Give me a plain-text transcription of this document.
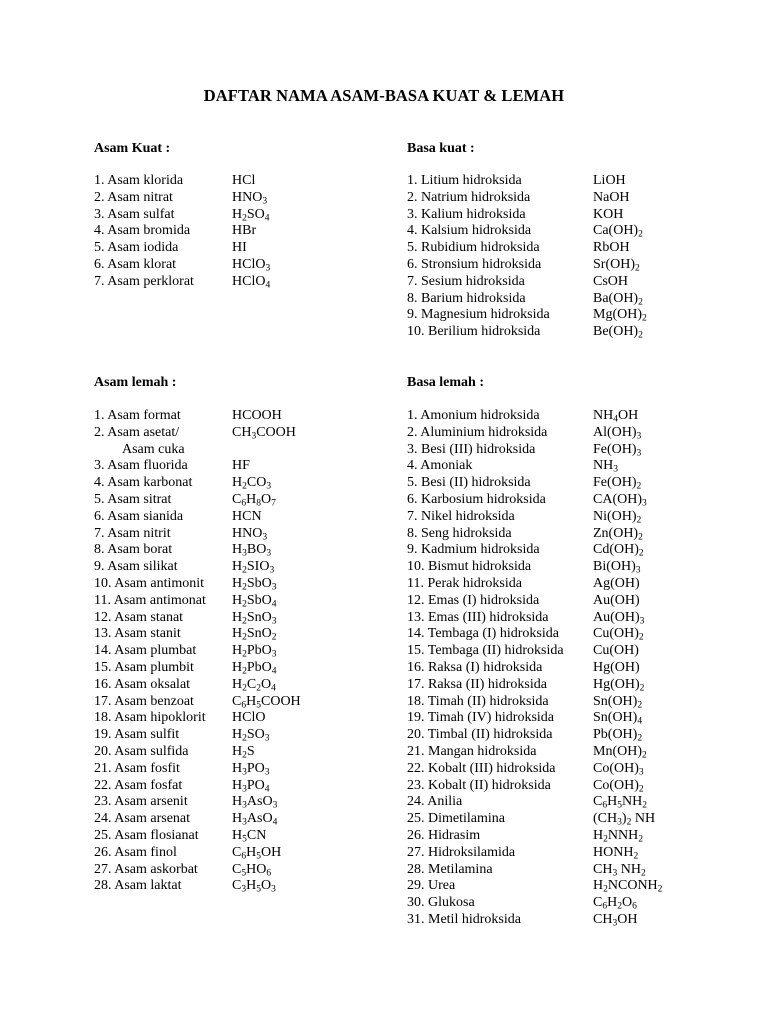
DAFTAR NAMA ASAM-BASA KUAT & LEMAH
Asam Kuat :
1. Asam klorida	HCl
2. Asam nitrat	$HNO_3$
3. Asam sulfat	$H_2SO_4$
4. Asam bromida	HBr
5. Asam iodida	HI
6. Asam klorat	HClO$_3$
7. Asam perklorat	HClO$_4$
Basa kuat :
1. Litium hidroksida	LiOH
2. Natrium hidroksida	NaOH
3. Kalium hidroksida	KOH
4. Kalsium hidroksida	$Ca(OH)_2$
5. Rubidium hidroksida	RbOH
6. Stronsium hidroksida	$Sr(OH)_2$
7. Sesium hidroksida	CsOH
8. Barium hidroksida	$Ba(OH)_2$
9. Magnesium hidroksida	$Mg(OH)_2$
10. Berilium hidroksida	$Be(OH)_2$
Asam lemah :
1. Asam format	HCOOH
2. Asam asetat/	$CH_3COOH$
Asam cuka
3. Asam fluorida	HF
4. Asam karbonat	$H_2CO_3$
5. Asam sitrat	$C_6H_8O_7$
6. Asam sianida	HCN
7. Asam nitrit	$HNO_3$
8. Asam borat	$H_3BO_3$
9. Asam silikat	$H_2SIO_3$
10. Asam antimonit $H_2SbO_3$
11. Asam antimonat $H_2SbO_4$
12. Asam stanat	$H_2SnO_3$
13. Asam stanit	$H_2SnO_2$
14. Asam plumbat	$H_2PbO_3$
15. Asam plumbit	$H_2PbO_4$
16. Asam oksalat	$H_2C_2O_4$
17. Asam benzoat	$C_6H_5COOH$
18. Asam hipoklorit HClO
19. Asam sulfit	$H_2SO_3$
20. Asam sulfida	$H_2S$
21. Asam fosfit	$H_3PO_3$
22. Asam fosfat	$H_3PO_4$
23. Asam arsenit	$H_3AsO_3$
24. Asam arsenat	$H_3AsO_4$
25. Asam flosianat $H_5CN$
26. Asam finol	$C_6H_5OH$
27. Asam askorbat $C_5HO_6$
28. Asam laktat	$C_3H_5O_3$
Basa lemah :
1. Amonium hidroksida	$NH_4OH$
2. Aluminium hidroksida	$Al(OH)_3$
3. Besi (III) hidroksida	$Fe(OH)_3$
4. Amoniak	$NH_3$
5. Besi (II) hidroksida	$Fe(OH)_2$
6. Karbosium hidroksida	$CA(OH)_3$
7. Nikel hidroksida	$Ni(OH)_2$
8. Seng hidroksida	$Zn(OH)_2$
9. Kadmium hidroksida	$Cd(OH)_2$
10. Bismut hidroksida	$Bi(OH)_3$
11. Perak hidroksida	Ag(OH)
12. Emas (I) hidroksida	Au(OH)
13. Emas (III) hidroksida	$Au(OH)_3$
14. Tembaga (I) hidroksida $Cu(OH)_2$
15. Tembaga (II) hidroksida Cu(OH)
16. Raksa (I) hidroksida	Hg(OH)
17. Raksa (II) hidroksida	$Hg(OH)_2$
18. Timah (II) hidroksida	$Sn(OH)_2$
19. Timah (IV) hidroksida	$Sn(OH)_4$
20. Timbal (II) hidroksida	$Pb(OH)_2$
21. Mangan hidroksida	$Mn(OH)_2$
22. Kobalt (III) hidroksida	$Co(OH)_3$
23. Kobalt (II) hidroksida	$Co(OH)_2$
24. Anilia	$C_6H_5NH_2$
25. Dimetilamina	$(CH_3)_2$ NH
26. Hidrasim	$H_2NNH_2$
27. Hidroksilamida	$HONH_2$
28. Metilamina	$CH_3$ $NH_2$
29. Urea	$H_2NCONH_2$
30. Glukosa	$C_6H_2O_6$
31. Metil hidroksida	$CH_3OH$
